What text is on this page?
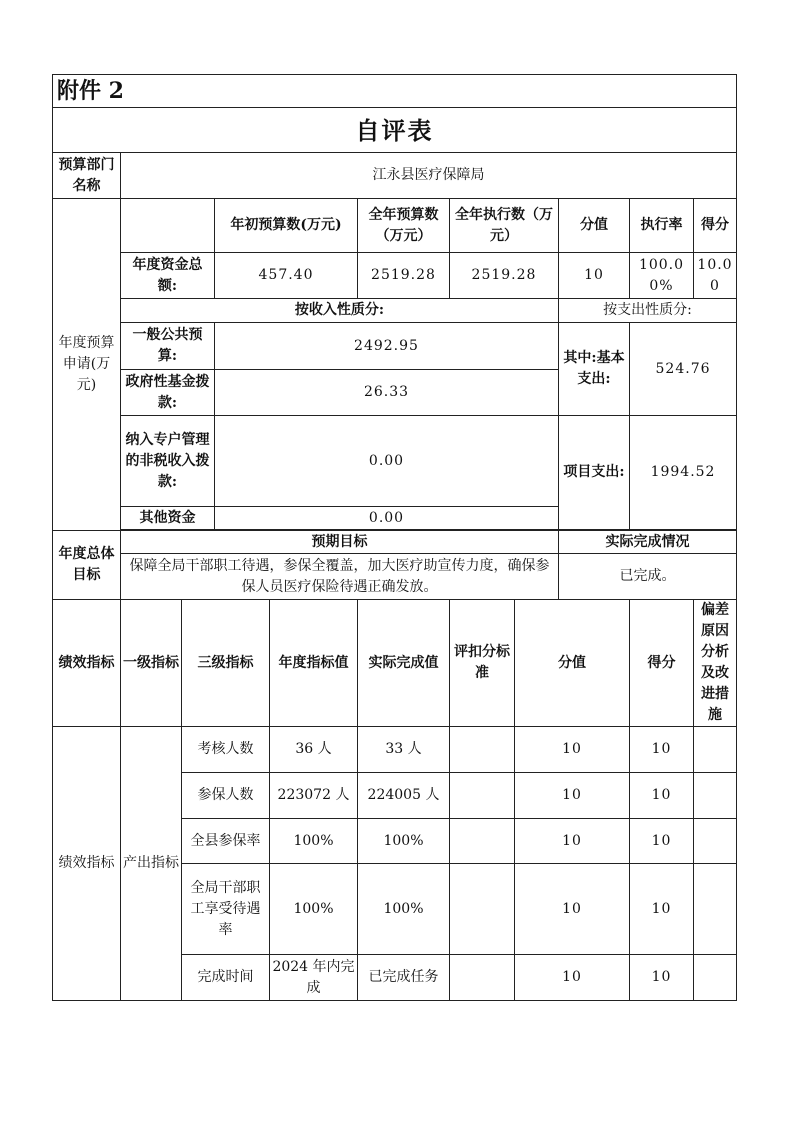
附件 2										
自评表										
预算部门名称	江永县医疗保障局									
年度预算申请(万元)			年初预算数(万元)		全年预算数（万元）	全年执行数（万元）		分值	执行率	得分
	年度资金总额:		457.40		2519.28	2519.28		10	100.00%	10.00
	按收入性质分:							按支出性质分:		
	一般公共预算:		2492.95					其中:基本支出:	524.76	
	政府性基金拨款:		26.33							
	纳入专户管理的非税收入拨款:		0.00					项目支出:	1994.52	
	其他资金		0.00							

年度总体目标	预期目标							实际完成情况		
	保障全局干部职工待遇，参保全覆盖，加大医疗助宣传力度，确保参保人员医疗保险待遇正确发放。							已完成。		
绩效指标	一级指标	三级指标		年度指标值	实际完成值	评扣分标准	分值		得分	偏差原因分析及改进措施
绩效指标	产出指标	考核人数		36 人	33 人		10		10	
		参保人数		223072 人	224005 人		10		10	
		全县参保率		100%	100%		10		10	
		全局干部职工享受待遇率		100%	100%		10		10	
		完成时间		2024 年内完成	已完成任务		10		10	
